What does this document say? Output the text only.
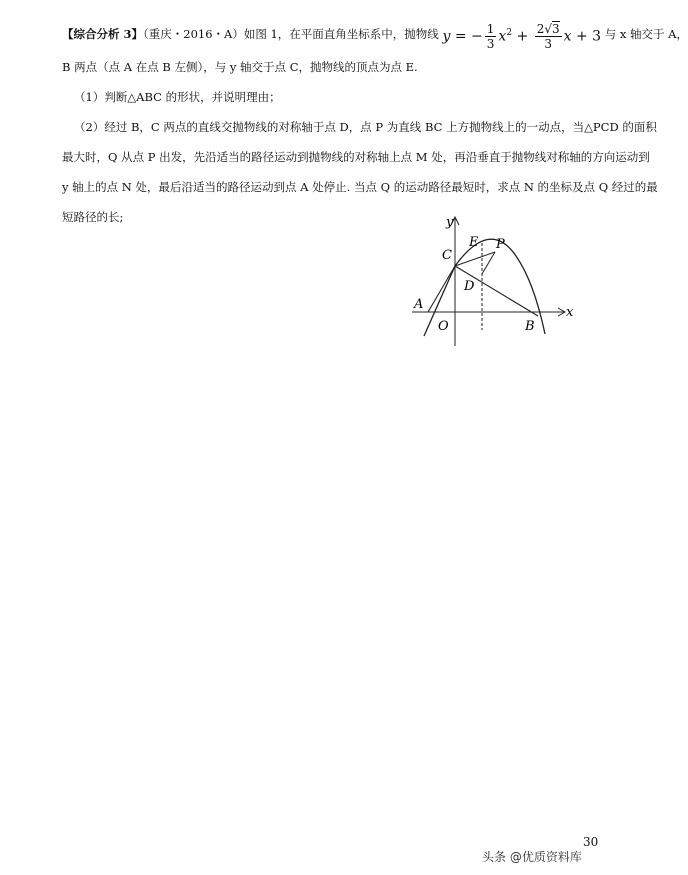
【综合分析 3】（重庆・2016・A）如图 1，在平面直角坐标系中，抛物线 y = − $\frac{1}{3} x^2 + \frac{2√3}{3}$ x + 3 与 x 轴交于 A，
B 两点（点 A 在点 B 左侧），与 y 轴交于点 C，抛物线的顶点为点 E.
（1）判断△ABC 的形状，并说明理由；
（2）经过 B，C 两点的直线交抛物线的对称轴于点 D，点 P 为直线 BC 上方抛物线上的一动点，当△PCD 的面积
最大时，Q 从点 P 出发，先沿适当的路径运动到抛物线的对称轴上点 M 处，再沿垂直于抛物线对称轴的方向运动到
y 轴上的点 N 处，最后沿适当的路径运动到点 A 处停止. 当点 Q 的运动路径最短时，求点 N 的坐标及点 Q 经过的最
短路径的长;	y
x
C
E P
D
A
O	B
30
头条 @优质资料库
